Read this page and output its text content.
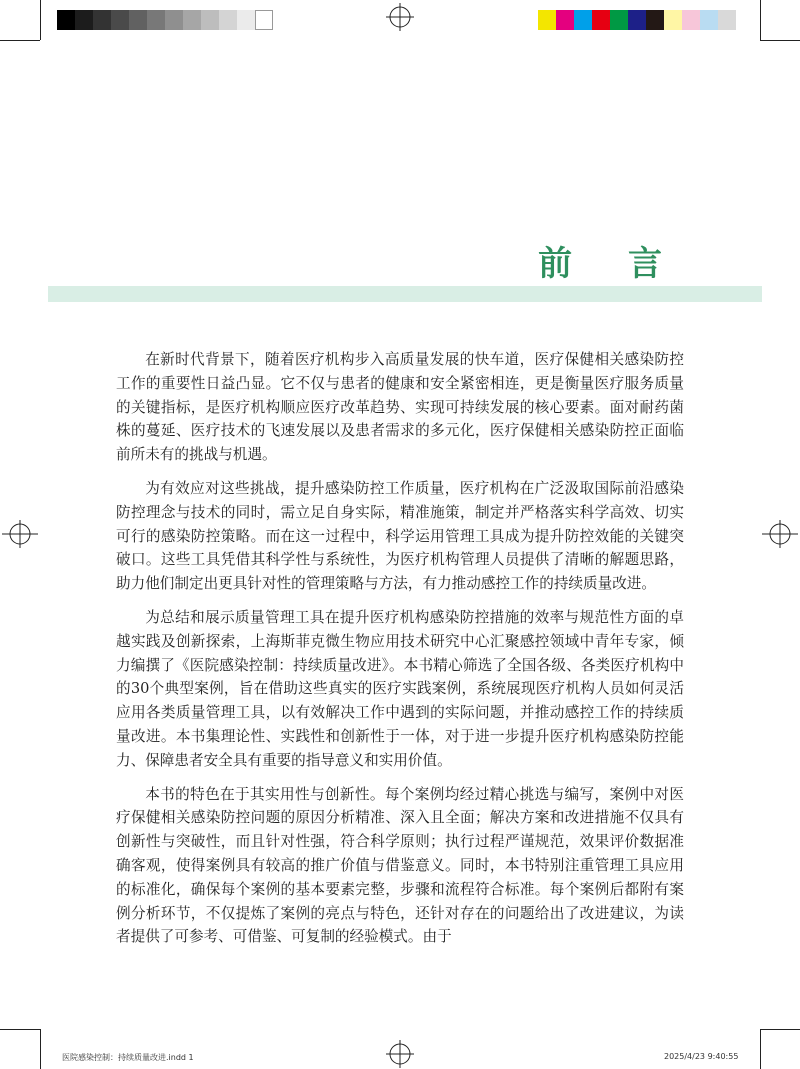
前 言

在新时代背景下，随着医疗机构步入高质量发展的快车道，医疗保健相关感染防控工作的重要性日益凸显。它不仅与患者的健康和安全紧密相连，更是衡量医疗服务质量的关键指标，是医疗机构顺应医疗改革趋势、实现可持续发展的核心要素。面对耐药菌株的蔓延、医疗技术的飞速发展以及患者需求的多元化，医疗保健相关感染防控正面临前所未有的挑战与机遇。

为有效应对这些挑战，提升感染防控工作质量，医疗机构在广泛汲取国际前沿感染防控理念与技术的同时，需立足自身实际，精准施策，制定并严格落实科学高效、切实可行的感染防控策略。而在这一过程中，科学运用管理工具成为提升防控效能的关键突破口。这些工具凭借其科学性与系统性，为医疗机构管理人员提供了清晰的解题思路，助力他们制定出更具针对性的管理策略与方法，有力推动感控工作的持续质量改进。

为总结和展示质量管理工具在提升医疗机构感染防控措施的效率与规范性方面的卓越实践及创新探索，上海斯菲克微生物应用技术研究中心汇聚感控领域中青年专家，倾力编撰了《医院感染控制：持续质量改进》。本书精心筛选了全国各级、各类医疗机构中的30个典型案例，旨在借助这些真实的医疗实践案例，系统展现医疗机构人员如何灵活应用各类质量管理工具，以有效解决工作中遇到的实际问题，并推动感控工作的持续质量改进。本书集理论性、实践性和创新性于一体，对于进一步提升医疗机构感染防控能力、保障患者安全具有重要的指导意义和实用价值。

本书的特色在于其实用性与创新性。每个案例均经过精心挑选与编写，案例中对医疗保健相关感染防控问题的原因分析精准、深入且全面；解决方案和改进措施不仅具有创新性与突破性，而且针对性强，符合科学原则；执行过程严谨规范，效果评价数据准确客观，使得案例具有较高的推广价值与借鉴意义。同时，本书特别注重管理工具应用的标准化，确保每个案例的基本要素完整，步骤和流程符合标准。每个案例后都附有案例分析环节，不仅提炼了案例的亮点与特色，还针对存在的问题给出了改进建议，为读者提供了可参考、可借鉴、可复制的经验模式。由于

医院感染控制：持续质量改进.indd 1	2025/4/23 9:40:55
